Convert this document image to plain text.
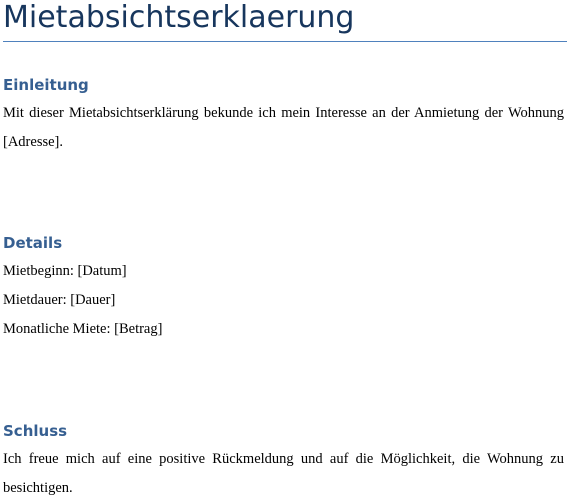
Mietabsichtserklaerung
Einleitung

Mit dieser Mietabsichtserklärung bekunde ich mein Interesse an der Anmietung der Wohnung [Adresse].

Details

Mietbeginn: [Datum]

Mietdauer: [Dauer]

Monatliche Miete: [Betrag]

Schluss

Ich freue mich auf eine positive Rückmeldung und auf die Möglichkeit, die Wohnung zu besichtigen.
